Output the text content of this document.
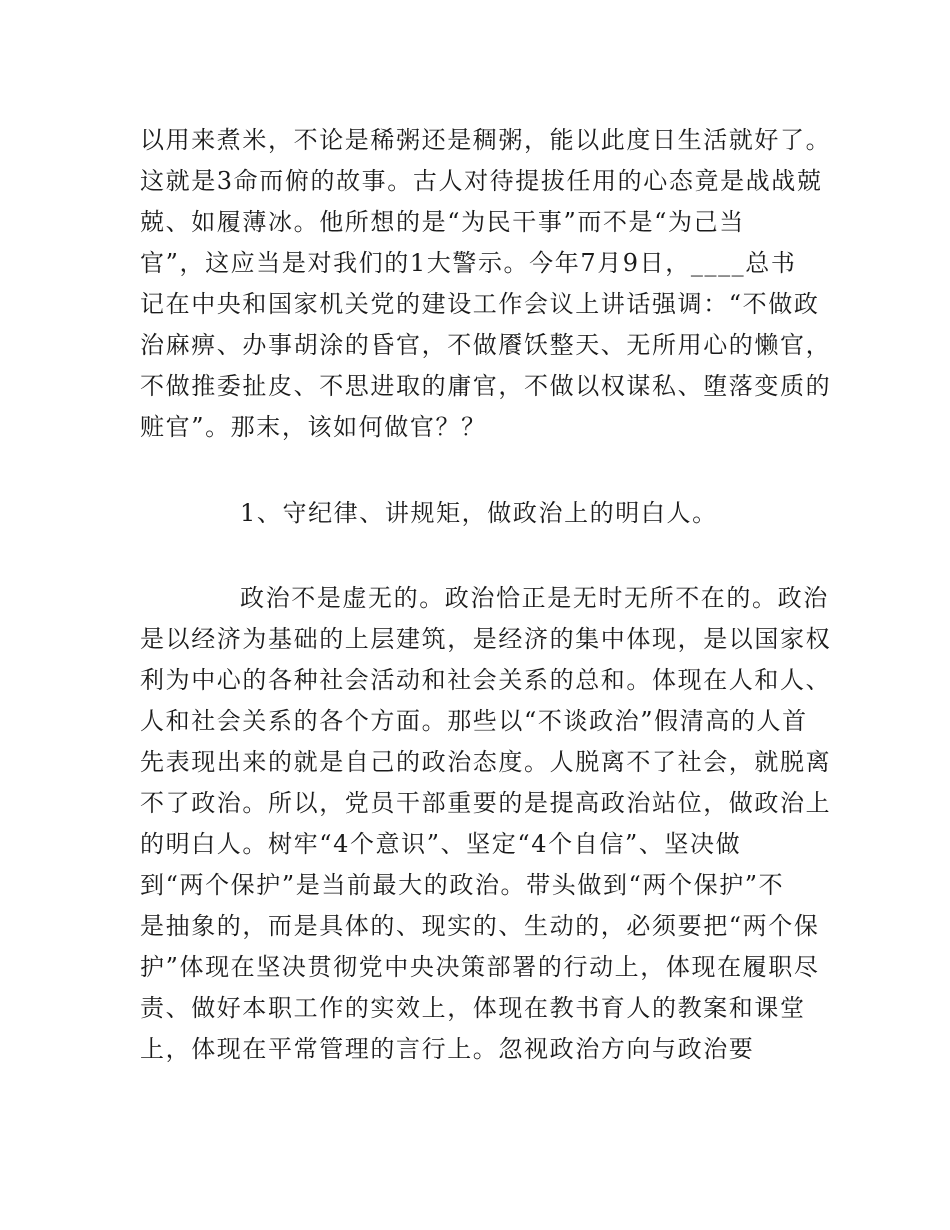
以用来煮米，不论是稀粥还是稠粥，能以此度日生活就好了。
这就是3命而俯的故事。古人对待提拔任用的心态竟是战战兢
兢、如履薄冰。他所想的是“为民干事”而不是“为己当
官”，这应当是对我们的1大警示。今年7月9日，____总书
记在中央和国家机关党的建设工作会议上讲话强调：“不做政
治麻痹、办事胡涂的昏官，不做餍饫整天、无所用心的懒官，
不做推委扯皮、不思进取的庸官，不做以权谋私、堕落变质的
赃官”。那末，该如何做官？？
1、守纪律、讲规矩，做政治上的明白人。
政治不是虚无的。政治恰正是无时无所不在的。政治
是以经济为基础的上层建筑，是经济的集中体现，是以国家权
利为中心的各种社会活动和社会关系的总和。体现在人和人、
人和社会关系的各个方面。那些以“不谈政治”假清高的人首
先表现出来的就是自己的政治态度。人脱离不了社会，就脱离
不了政治。所以，党员干部重要的是提高政治站位，做政治上
的明白人。树牢“4个意识”、坚定“4个自信”、坚决做
到“两个保护”是当前最大的政治。带头做到“两个保护”不
是抽象的，而是具体的、现实的、生动的，必须要把“两个保
护”体现在坚决贯彻党中央决策部署的行动上，体现在履职尽
责、做好本职工作的实效上，体现在教书育人的教案和课堂
上，体现在平常管理的言行上。忽视政治方向与政治要
